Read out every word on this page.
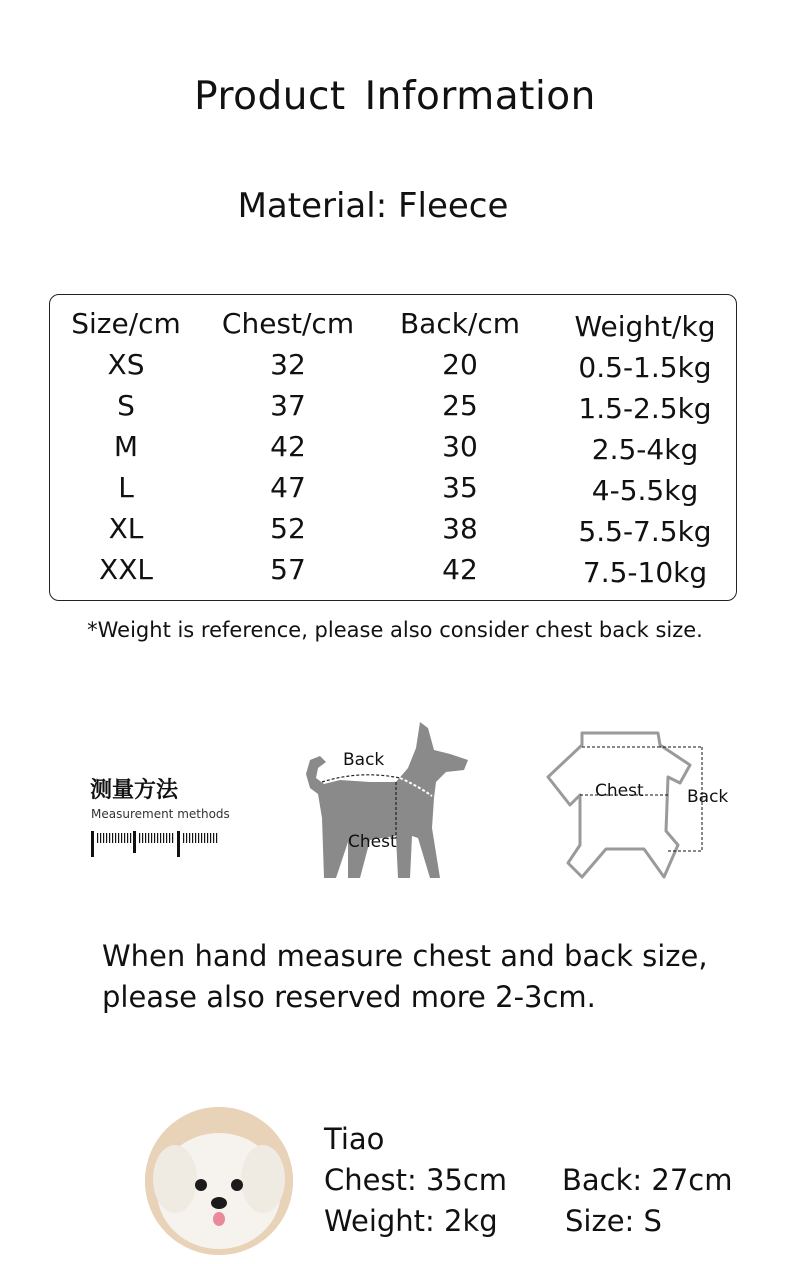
Product Information
Material: Fleece
Size/cm Chest/cm Back/cm Weight/kg
XS	32	20	0.5-1.5kg
S	37	25	1.5-2.5kg
M	42	30	2.5-4kg
L	47	35	4-5.5kg
XL	52	38	5.5-7.5kg
XXL	57	42	7.5-10kg
*Weight is reference, please also consider chest back size.
测量方法
Measurement methods
Back
Chest
Chest	Back
When hand measure chest and back size,
please also reserved more 2-3cm.
Tiao
Chest: 35cm Back: 27cm
Weight: 2kg Size: S
